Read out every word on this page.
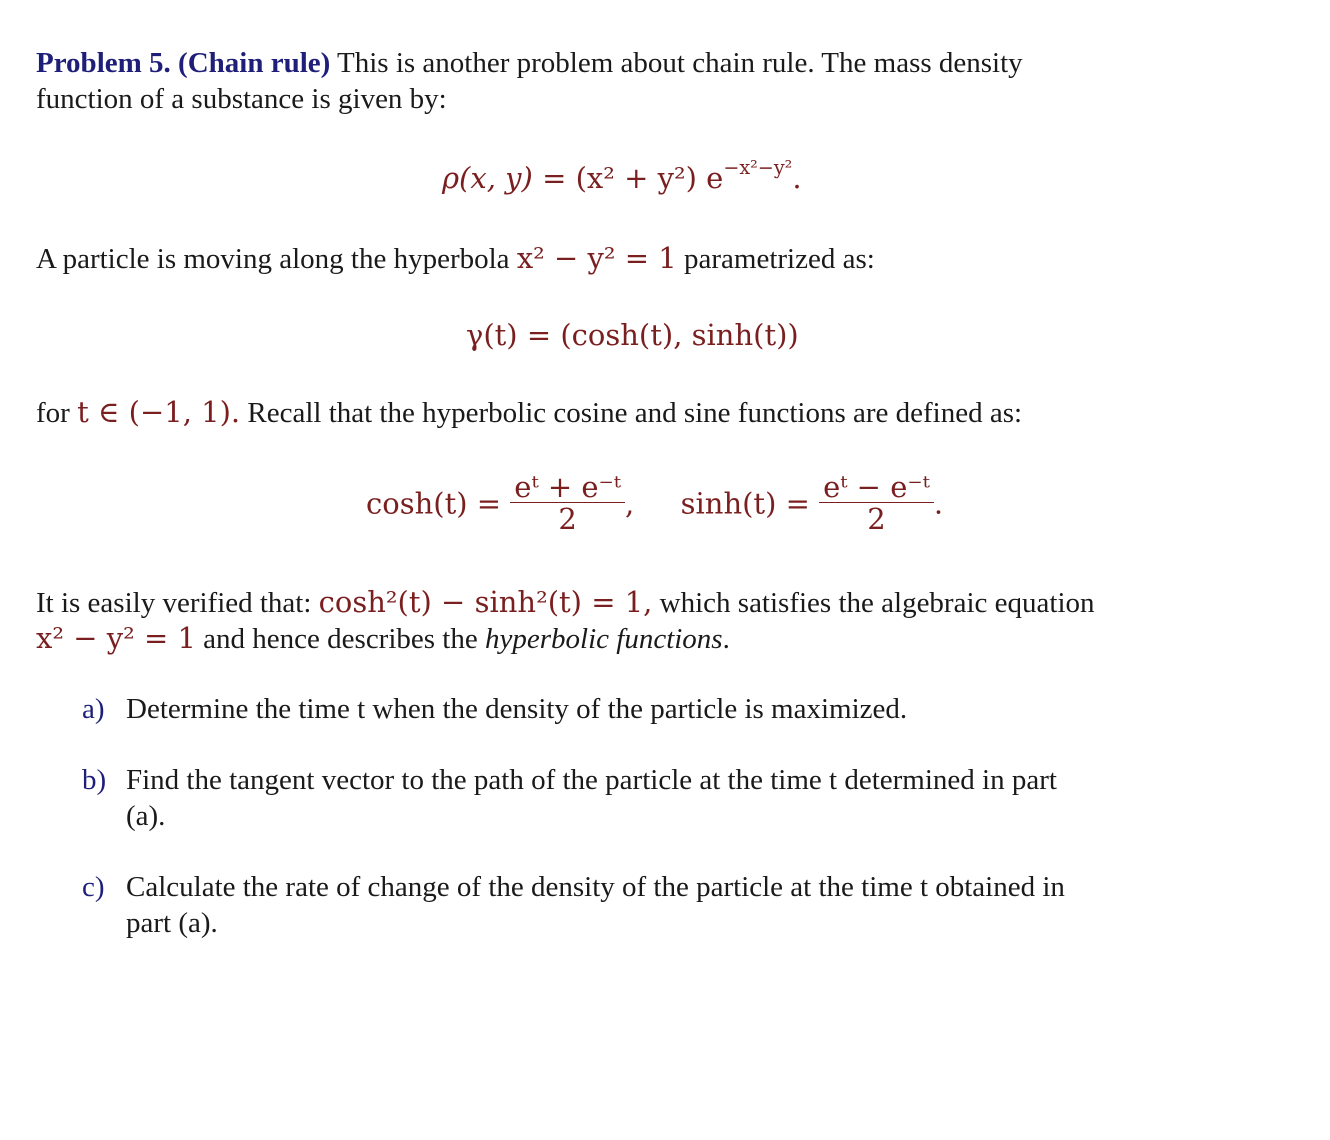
Problem 5. (Chain rule) This is another problem about chain rule. The mass density
function of a substance is given by:
ρ(x, y) = (x² + y²) $e^{-x^2-y^2}$.
A particle is moving along the hyperbola x² − y² = 1 parametrized as:
γ(t) = (cosh(t), sinh(t))
for t ∈ (−1, 1). Recall that the hyperbolic cosine and sine functions are defined as:
$\cosh(t) = \frac{\text{eᵗ + e⁻ᵗ}}{2}$ , $\sinh(t) = \frac{\text{eᵗ − e⁻ᵗ}}{2}$ .
It is easily verified that: cosh²(t) − sinh²(t) = 1, which satisfies the algebraic equation
x² − y² = 1 and hence describes the hyperbolic functions.
a) Determine the time t when the density of the particle is maximized.
b) Find the tangent vector to the path of the particle at the time t determined in part
(a).
c) Calculate the rate of change of the density of the particle at the time t obtained in
part (a).
